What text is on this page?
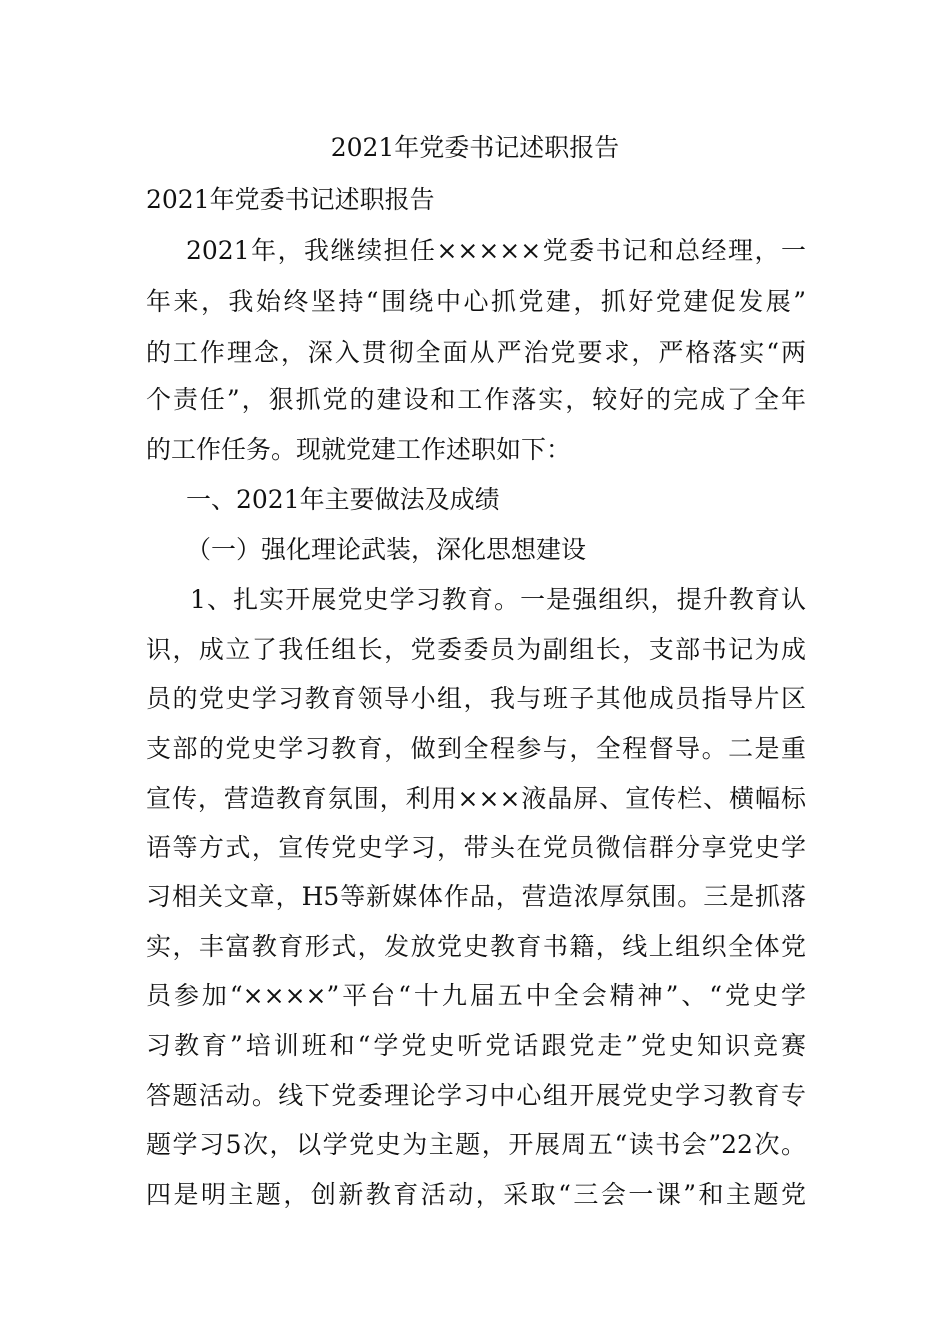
2021年党委书记述职报告

2021年党委书记述职报告

2021年，我继续担任×××××党委书记和总经理，一

年来，我始终坚持“围绕中心抓党建，抓好党建促发展”

的工作理念，深入贯彻全面从严治党要求，严格落实“两

个责任”，狠抓党的建设和工作落实，较好的完成了全年

的工作任务。现就党建工作述职如下：

一、2021年主要做法及成绩

（一）强化理论武装，深化思想建设

1、扎实开展党史学习教育。一是强组织，提升教育认

识，成立了我任组长，党委委员为副组长，支部书记为成

员的党史学习教育领导小组，我与班子其他成员指导片区

支部的党史学习教育，做到全程参与，全程督导。二是重

宣传，营造教育氛围，利用×××液晶屏、宣传栏、横幅标

语等方式，宣传党史学习，带头在党员微信群分享党史学

习相关文章，H5等新媒体作品，营造浓厚氛围。三是抓落

实，丰富教育形式，发放党史教育书籍，线上组织全体党

员参加“××××”平台“十九届五中全会精神”、“党史学

习教育”培训班和“学党史听党话跟党走”党史知识竞赛

答题活动。线下党委理论学习中心组开展党史学习教育专

题学习5次，以学党史为主题，开展周五“读书会”22次。

四是明主题，创新教育活动，采取“三会一课”和主题党
